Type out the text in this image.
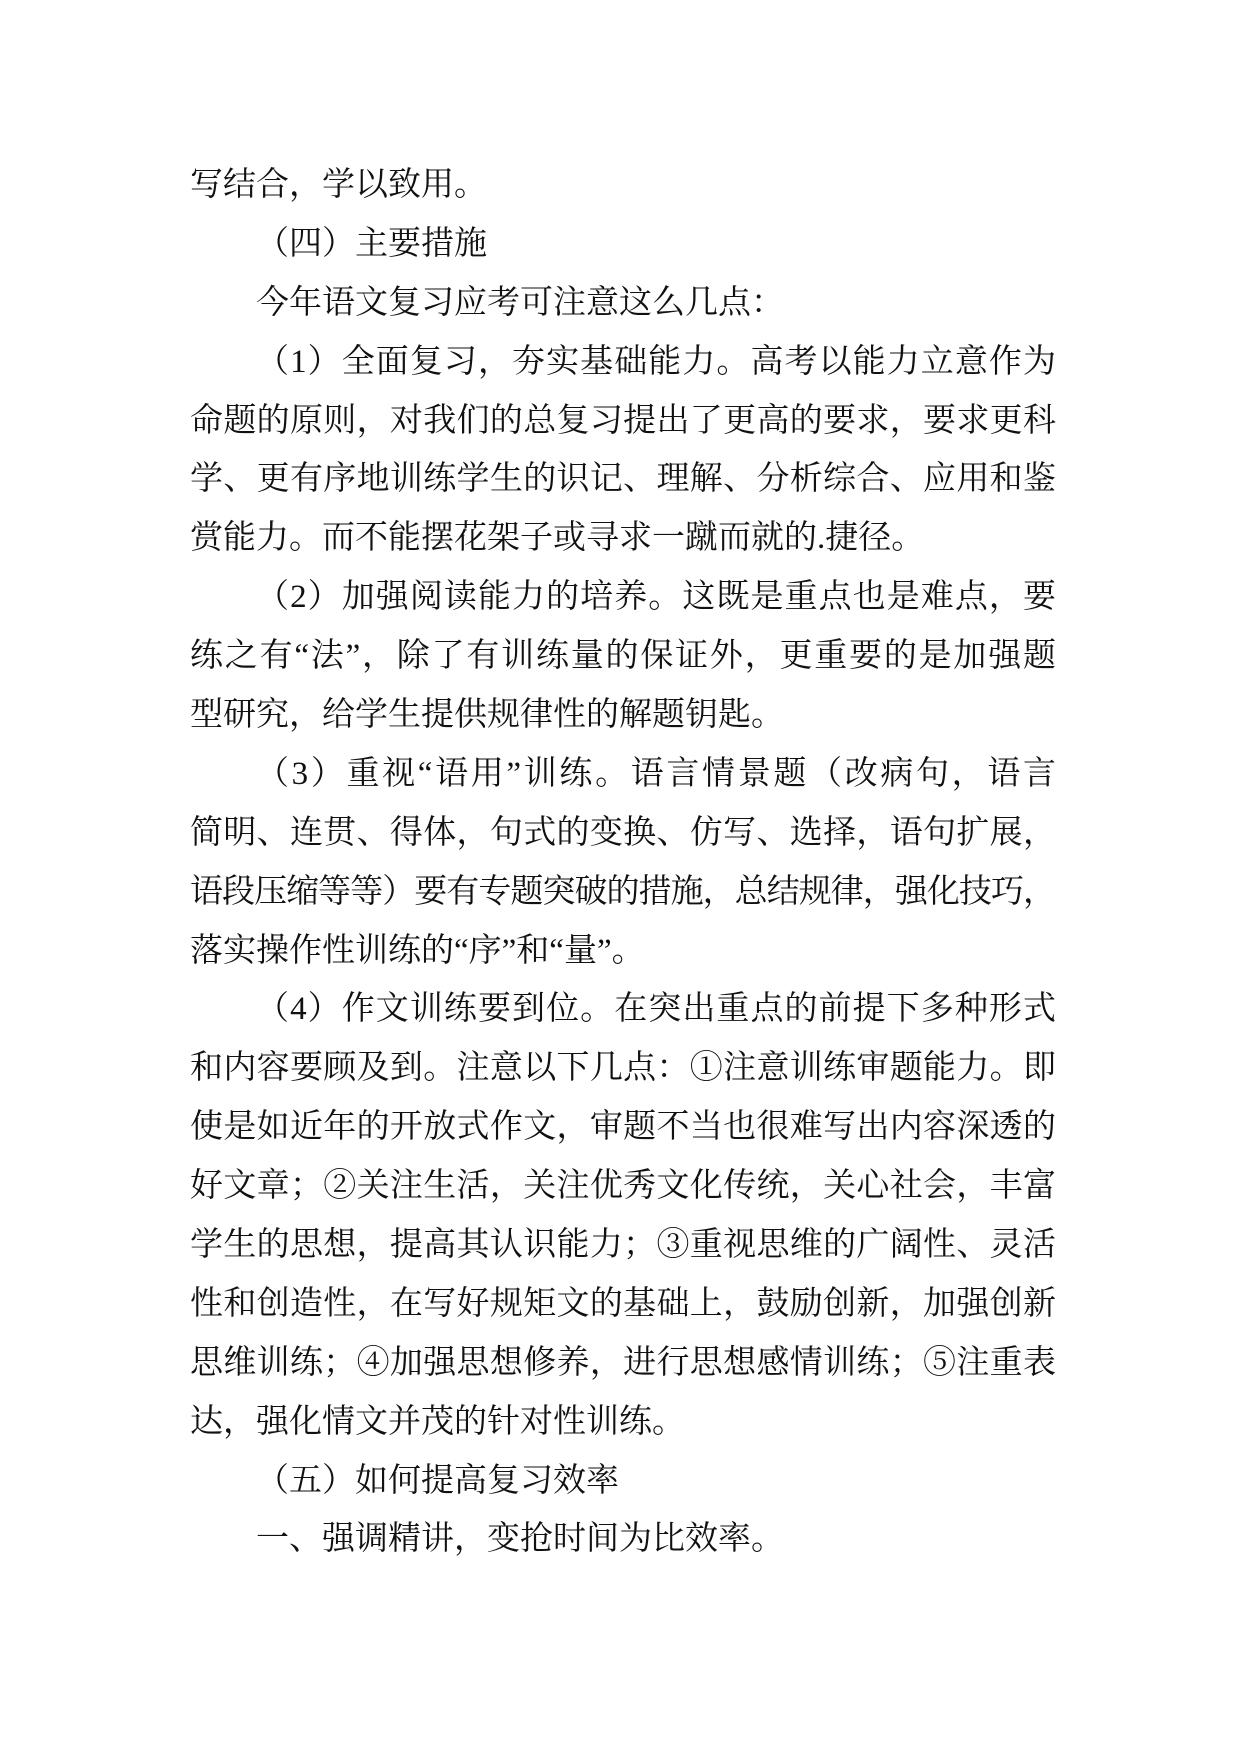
写结合，学以致用。
（四）主要措施
今年语文复习应考可注意这么几点：
（1）全面复习，夯实基础能力。高考以能力立意作为
命题的原则，对我们的总复习提出了更高的要求，要求更科
学、更有序地训练学生的识记、理解、分析综合、应用和鉴
赏能力。而不能摆花架子或寻求一蹴而就的.捷径。
（2）加强阅读能力的培养。这既是重点也是难点，要
练之有“法”，除了有训练量的保证外，更重要的是加强题
型研究，给学生提供规律性的解题钥匙。
（3）重视“语用”训练。语言情景题（改病句，语言
简明、连贯、得体，句式的变换、仿写、选择，语句扩展，
语段压缩等等）要有专题突破的措施，总结规律，强化技巧，
落实操作性训练的“序”和“量”。
（4）作文训练要到位。在突出重点的前提下多种形式
和内容要顾及到。注意以下几点：①注意训练审题能力。即
使是如近年的开放式作文，审题不当也很难写出内容深透的
好文章；②关注生活，关注优秀文化传统，关心社会，丰富
学生的思想，提高其认识能力；③重视思维的广阔性、灵活
性和创造性，在写好规矩文的基础上，鼓励创新，加强创新
思维训练；④加强思想修养，进行思想感情训练；⑤注重表
达，强化情文并茂的针对性训练。
（五）如何提高复习效率
一、强调精讲，变抢时间为比效率。
